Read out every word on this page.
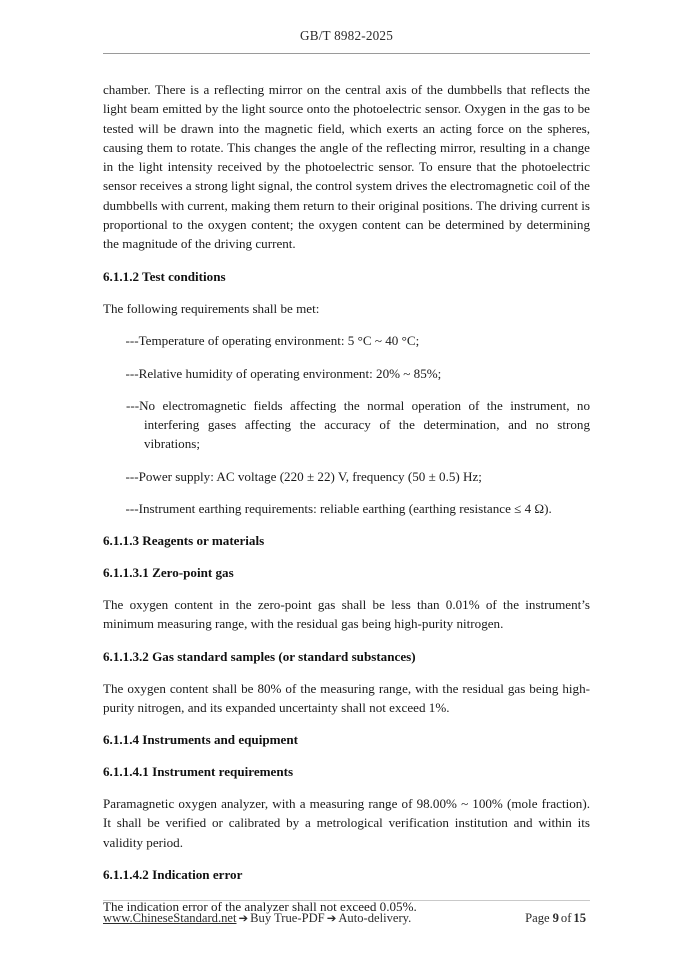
GB/T 8982-2025

chamber. There is a reflecting mirror on the central axis of the dumbbells that reflects the light beam emitted by the light source onto the photoelectric sensor. Oxygen in the gas to be tested will be drawn into the magnetic field, which exerts an acting force on the spheres, causing them to rotate. This changes the angle of the reflecting mirror, resulting in a change in the light intensity received by the photoelectric sensor. To ensure that the photoelectric sensor receives a strong light signal, the control system drives the electromagnetic coil of the dumbbells with current, making them return to their original positions. The driving current is proportional to the oxygen content; the oxygen content can be determined by determining the magnitude of the driving current.

6.1.1.2 Test conditions

The following requirements shall be met:

---Temperature of operating environment: 5 °C ~ 40 °C;
---Relative humidity of operating environment: 20% ~ 85%;
---No electromagnetic fields affecting the normal operation of the instrument, no interfering gases affecting the accuracy of the determination, and no strong vibrations;
---Power supply: AC voltage (220 ± 22) V, frequency (50 ± 0.5) Hz;
---Instrument earthing requirements: reliable earthing (earthing resistance ≤ 4 Ω).
6.1.1.3 Reagents or materials
6.1.1.3.1 Zero-point gas

The oxygen content in the zero-point gas shall be less than 0.01% of the instrument’s minimum measuring range, with the residual gas being high-purity nitrogen.

6.1.1.3.2 Gas standard samples (or standard substances)

The oxygen content shall be 80% of the measuring range, with the residual gas being high-purity nitrogen, and its expanded uncertainty shall not exceed 1%.

6.1.1.4 Instruments and equipment
6.1.1.4.1 Instrument requirements

Paramagnetic oxygen analyzer, with a measuring range of 98.00% ~ 100% (mole fraction). It shall be verified or calibrated by a metrological verification institution and within its validity period.

6.1.1.4.2 Indication error

The indication error of the analyzer shall not exceed 0.05%.

www.ChineseStandard.net ➔ Buy True-PDF ➔ Auto-delivery.	Page 9 of 15
